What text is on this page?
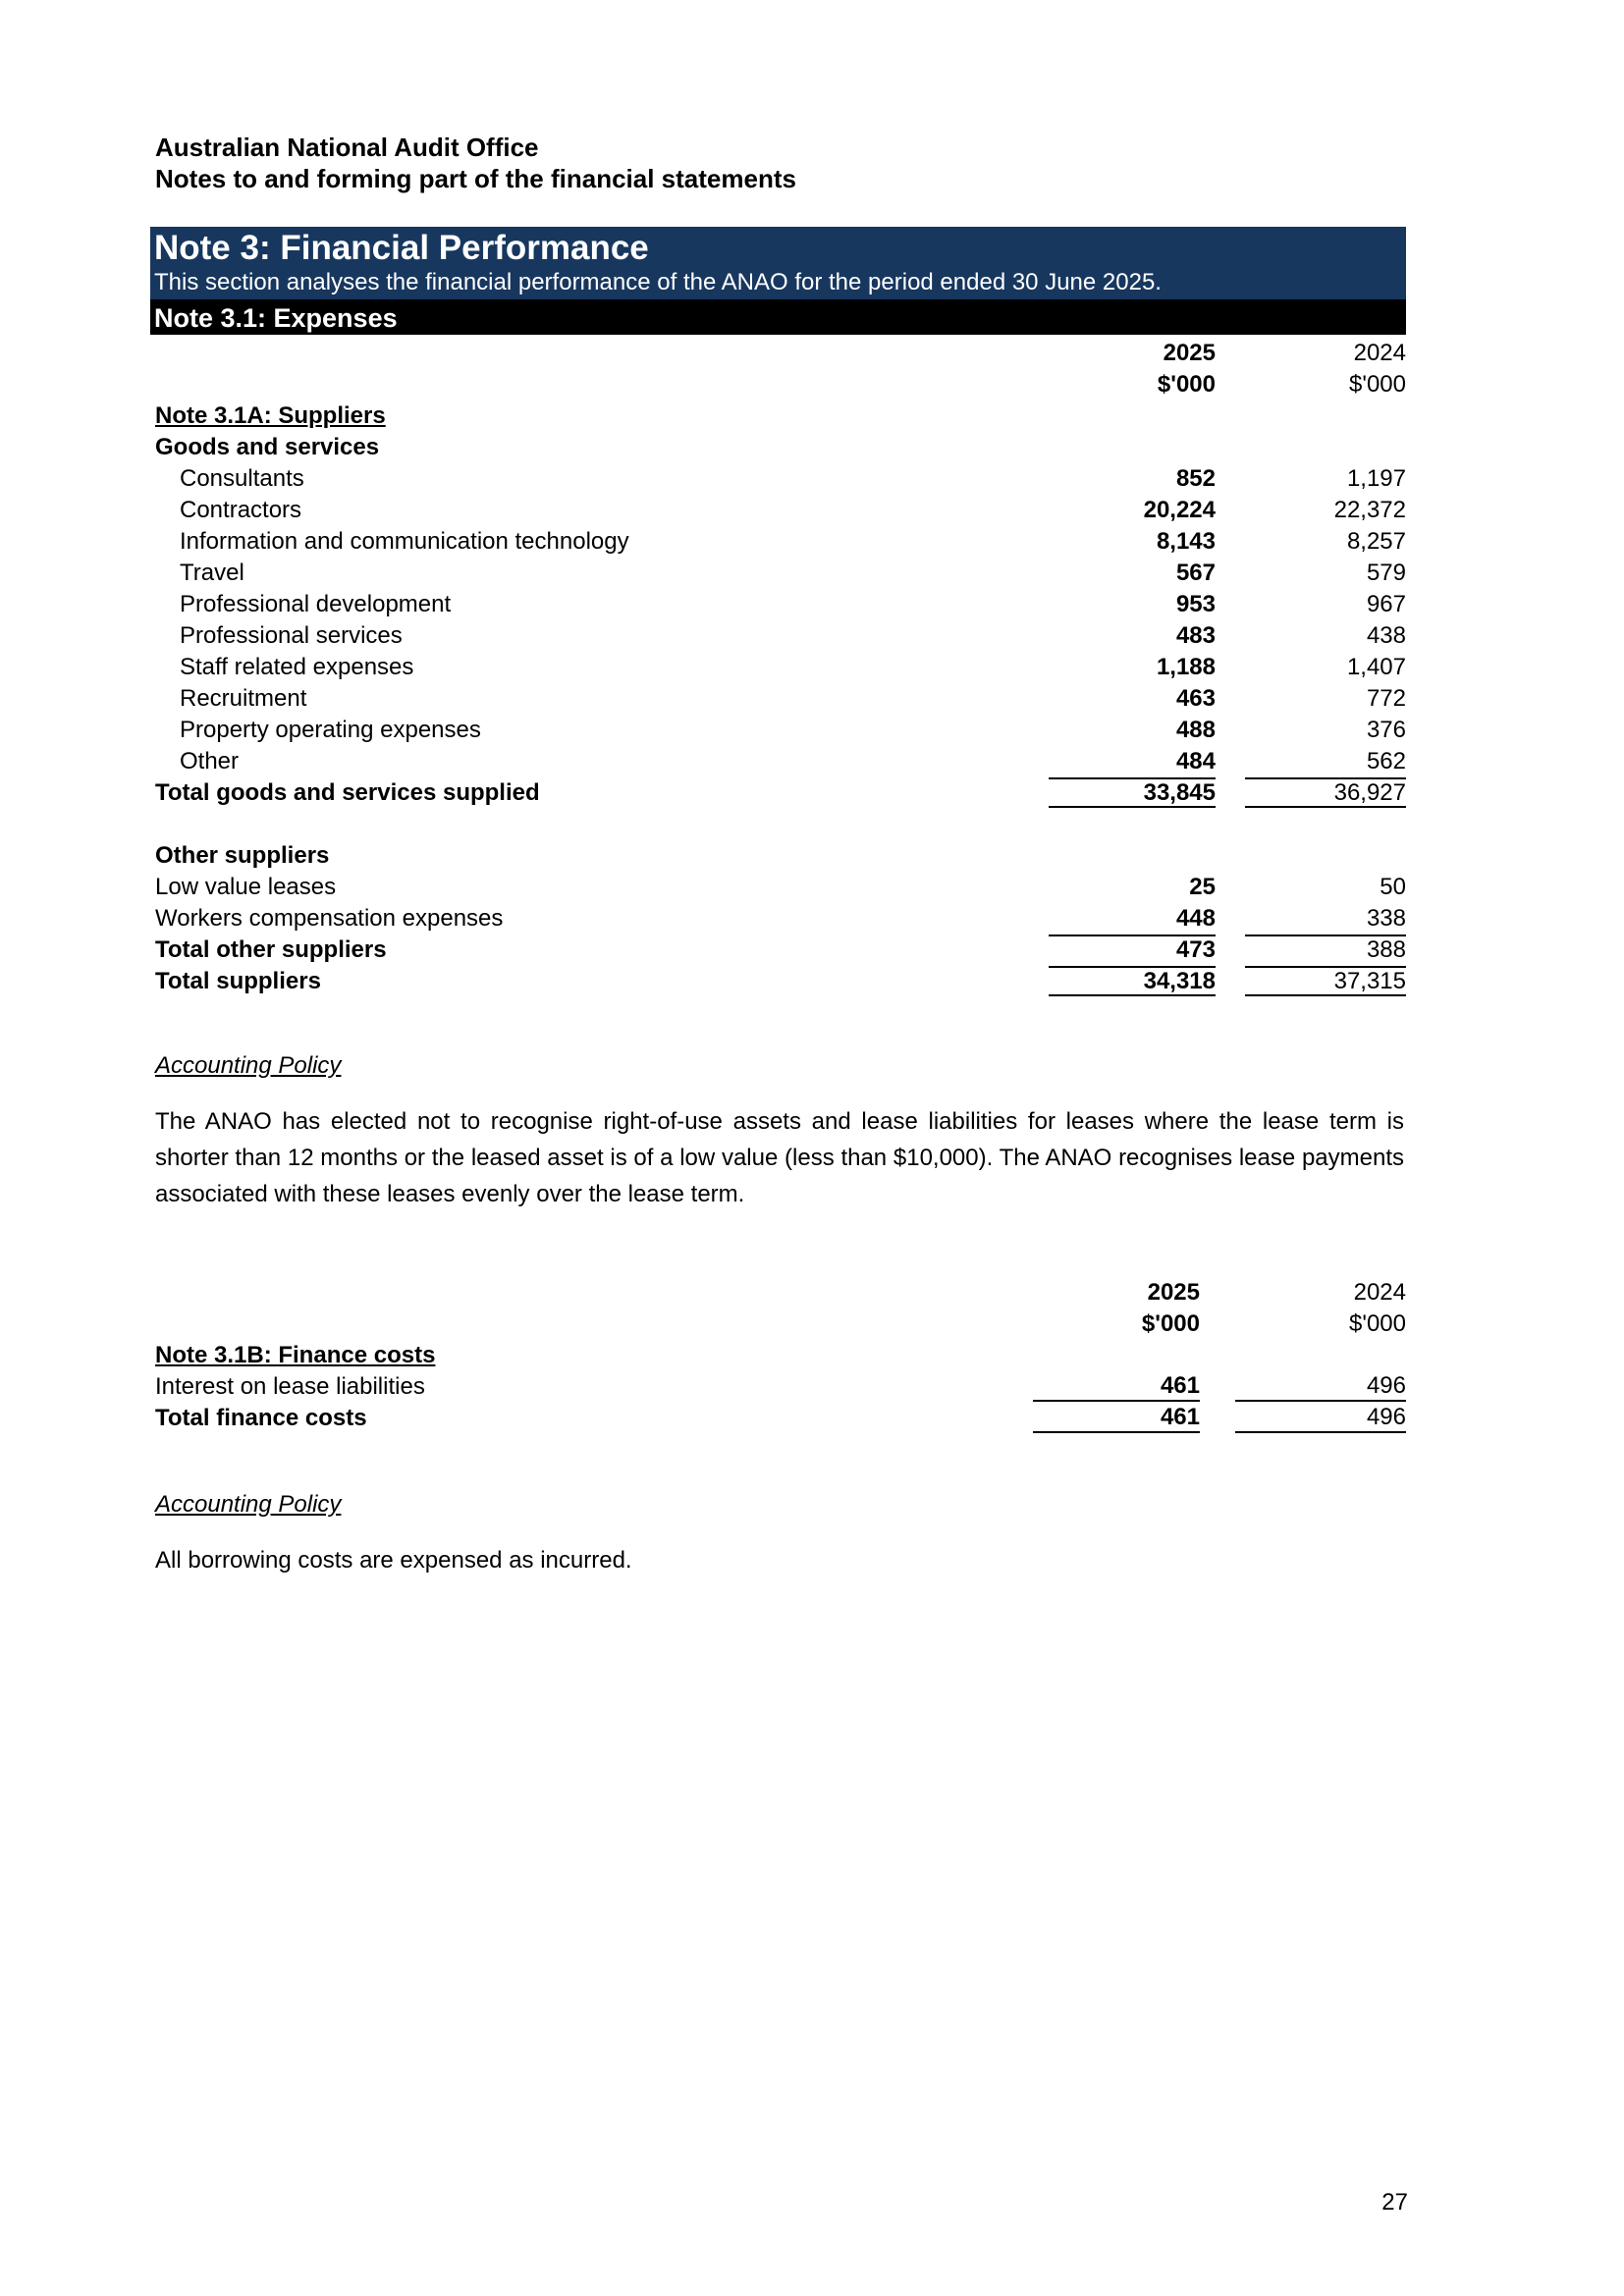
Australian National Audit Office
Notes to and forming part of the financial statements
Note 3: Financial Performance
This section analyses the financial performance of the ANAO for the period ended 30 June 2025.
Note 3.1: Expenses
2025	2024
$'000	$'000
Note 3.1A: Suppliers
Goods and services
Consultants	852	1,197
Contractors	20,224	22,372
Information and communication technology	8,143	8,257
Travel	567	579
Professional development	953	967
Professional services	483	438
Staff related expenses	1,188	1,407
Recruitment	463	772
Property operating expenses	488	376
Other	484	562
Total goods and services supplied	33,845	36,927
Other suppliers
Low value leases	25	50
Workers compensation expenses	448	338
Total other suppliers	473	388
Total suppliers	34,318	37,315
Accounting Policy
The ANAO has elected not to recognise right-of-use assets and lease liabilities for leases where the lease term is shorter than 12 months or the leased asset is of a low value (less than $10,000). The ANAO recognises lease payments associated with these leases evenly over the lease term.
2025	2024
$'000	$'000
Note 3.1B: Finance costs
Interest on lease liabilities	461	496
Total finance costs	461	496
Accounting Policy
All borrowing costs are expensed as incurred.
27
